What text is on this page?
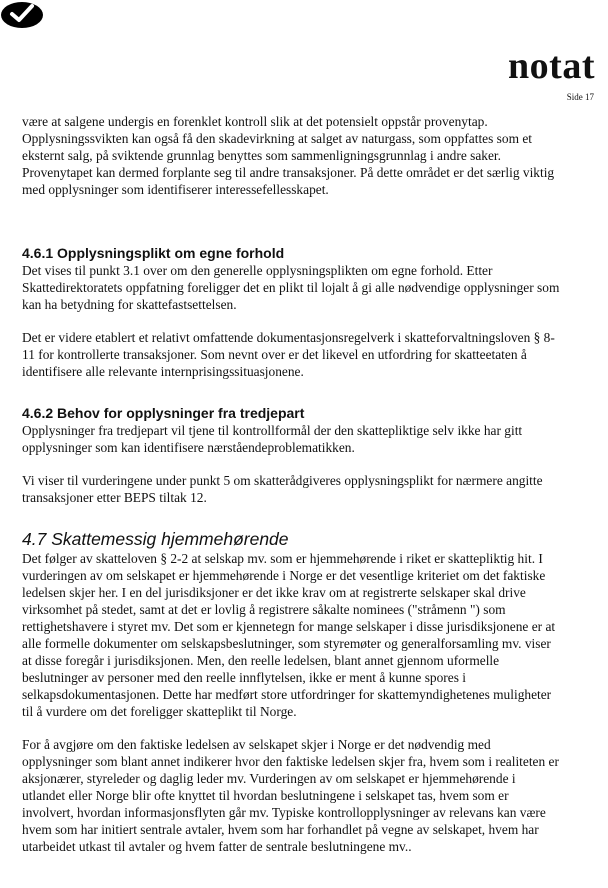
notat
Side 17

være at salgene undergis en forenklet kontroll slik at det potensielt oppstår provenytap.
Opplysningssvikten kan også få den skadevirkning at salget av naturgass, som oppfattes som et
eksternt salg, på sviktende grunnlag benyttes som sammenligningsgrunnlag i andre saker.
Provenytapet kan dermed forplante seg til andre transaksjoner. På dette området er det særlig viktig
med opplysninger som identifiserer interessefellesskapet.

4.6.1 Opplysningsplikt om egne forhold

Det vises til punkt 3.1 over om den generelle opplysningsplikten om egne forhold. Etter
Skattedirektoratets oppfatning foreligger det en plikt til lojalt å gi alle nødvendige opplysninger som
kan ha betydning for skattefastsettelsen.

Det er videre etablert et relativt omfattende dokumentasjonsregelverk i skatteforvaltningsloven § 8-
11 for kontrollerte transaksjoner. Som nevnt over er det likevel en utfordring for skatteetaten å
identifisere alle relevante internprisingssituasjonene.

4.6.2 Behov for opplysninger fra tredjepart

Opplysninger fra tredjepart vil tjene til kontrollformål der den skattepliktige selv ikke har gitt
opplysninger som kan identifisere nærståendeproblematikken.

Vi viser til vurderingene under punkt 5 om skatterådgiveres opplysningsplikt for nærmere angitte
transaksjoner etter BEPS tiltak 12.

4.7 Skattemessig hjemmehørende

Det følger av skatteloven § 2-2 at selskap mv. som er hjemmehørende i riket er skattepliktig hit. I
vurderingen av om selskapet er hjemmehørende i Norge er det vesentlige kriteriet om det faktiske
ledelsen skjer her. I en del jurisdiksjoner er det ikke krav om at registrerte selskaper skal drive
virksomhet på stedet, samt at det er lovlig å registrere såkalte nominees ("stråmenn ") som
rettighetshavere i styret mv. Det som er kjennetegn for mange selskaper i disse jurisdiksjonene er at
alle formelle dokumenter om selskapsbeslutninger, som styremøter og generalforsamling mv. viser
at disse foregår i jurisdiksjonen. Men, den reelle ledelsen, blant annet gjennom uformelle
beslutninger av personer med den reelle innflytelsen, ikke er ment å kunne spores i
selkapsdokumentasjonen. Dette har medført store utfordringer for skattemyndighetenes muligheter
til å vurdere om det foreligger skatteplikt til Norge.

For å avgjøre om den faktiske ledelsen av selskapet skjer i Norge er det nødvendig med
opplysninger som blant annet indikerer hvor den faktiske ledelsen skjer fra, hvem som i realiteten er
aksjonærer, styreleder og daglig leder mv. Vurderingen av om selskapet er hjemmehørende i
utlandet eller Norge blir ofte knyttet til hvordan beslutningene i selskapet tas, hvem som er
involvert, hvordan informasjonsflyten går mv. Typiske kontrollopplysninger av relevans kan være
hvem som har initiert sentrale avtaler, hvem som har forhandlet på vegne av selskapet, hvem har
utarbeidet utkast til avtaler og hvem fatter de sentrale beslutningene mv..
